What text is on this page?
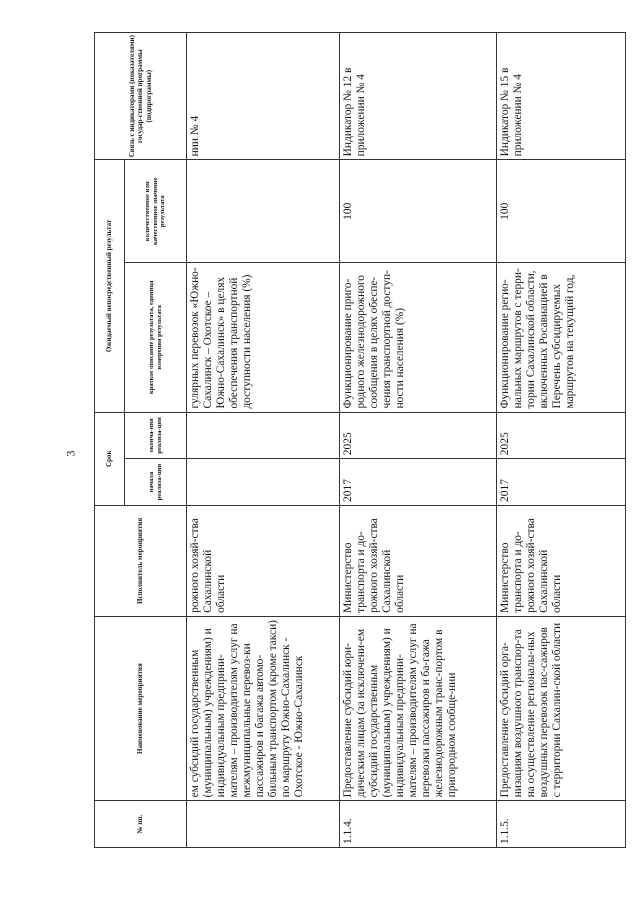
3
№ пп.	Наименование мероприятия	Исполнитель мероприятия	Срок		Ожидаемый непосредственный результат		Связь с индикаторами (показателями) государ-ственной программы (подпрограммы)
			начала реализа-ции	оконча-ния реализа-ции	краткое описание результата, единица измерения результата	количественное или качественное значение результата	
	ем субсидий государственным (муниципальным) учреждениям) и индивидуальным предприни-мателям – производителям услуг на межмуниципальные перевоз-ки пассажиров и багажа автомо-бильным транспортом (кроме такси) по маршруту Южно-Сахалинск - Охотское - Южно-Сахалинск	рожного хозяй-ства Сахалинской области			гулярных перевозок «Южно-Сахалинск – Охотское – Южно-Сахалинск» в целях обеспечения транспортной доступности населения (%)		нии № 4
1.1.4.	Предоставление субсидий юри-дическим лицам (за исключени-ем субсидий государственным (муниципальным) учреждениям) и индивидуальным предприни-мателям – производителям услуг на перевозки пассажиров и ба-гажа железнодорожным транс-портом в пригородном сообще-нии	Министерство транспорта и до-рожного хозяй-ства Сахалинской области	2017	2025	Функционирование приго-родного железнодорожного сообщения в целях обеспе-чения транспортной доступ-ности населения (%)	100	Индикатор № 12 в приложении № 4
1.1.5.	Предоставление субсидий орга-низациям воздушного транспор-та на осуществление регионалы-ных воздушных перевозок пас-сажиров с территории Сахалин-ской области	Министерство транспорта и до-рожного хозяй-ства Сахалинской области	2017	2025	Функционирование регио-нальных маршрутов с терри-тории Сахалинской области, включенных Росавиацией в Перечень субсидируемых маршрутов на текущий год,	100	Индикатор № 15 в приложении № 4
